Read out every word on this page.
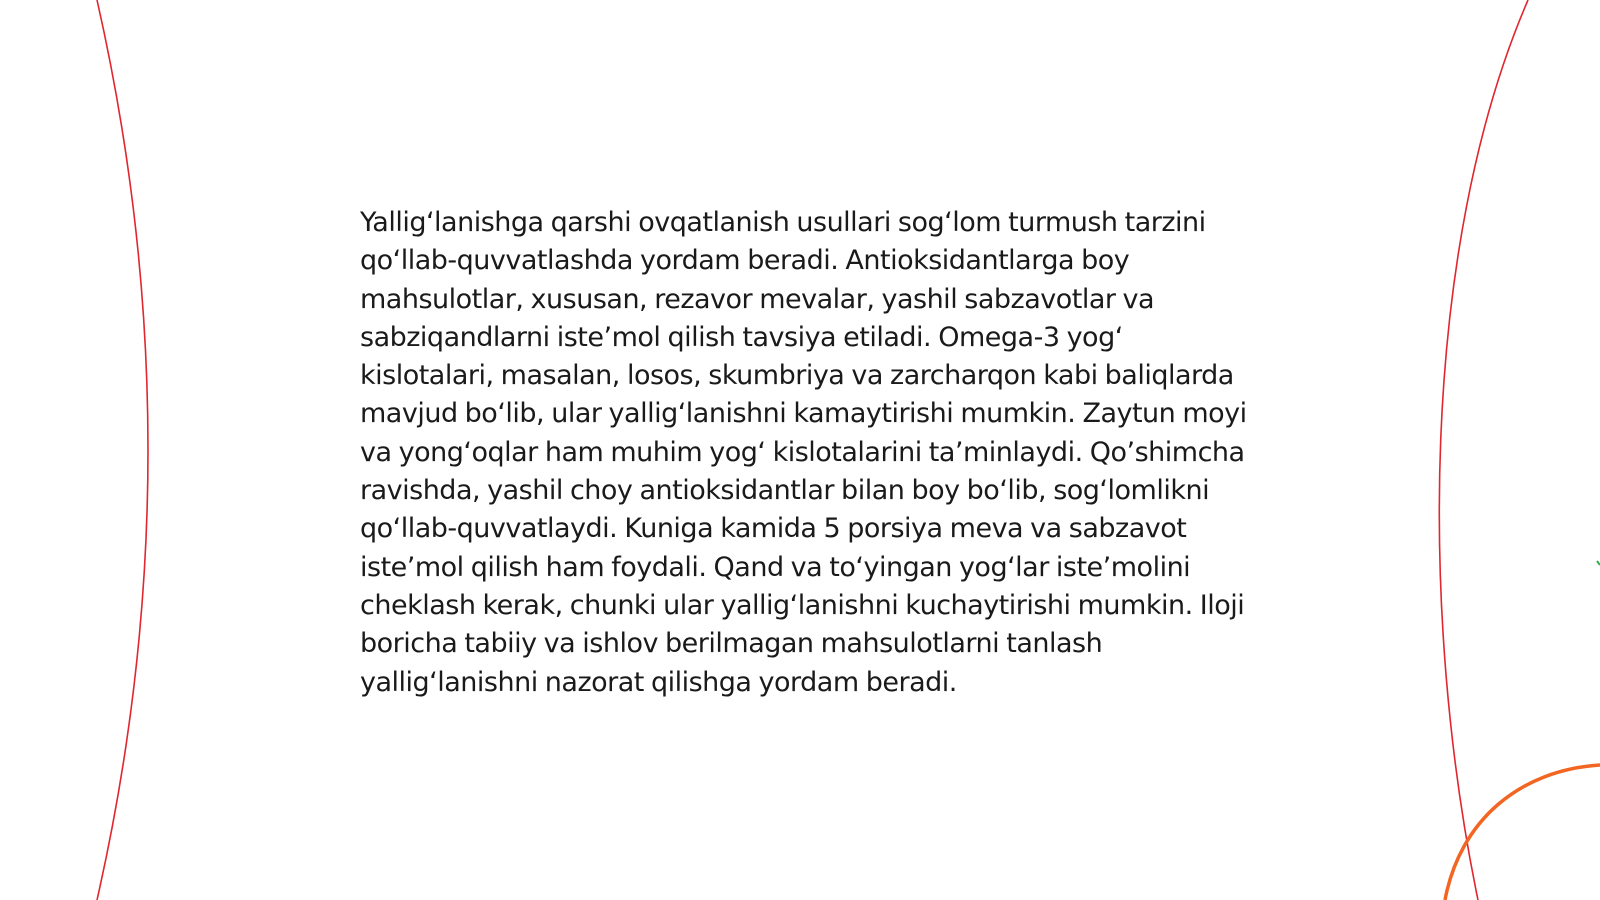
Yallig‘lanishga qarshi ovqatlanish usullari sog‘lom turmush tarzini qo‘llab-quvvatlashda yordam beradi. Antioksidantlarga boy mahsulotlar, xususan, rezavor mevalar, yashil sabzavotlar va sabziqandlarni iste’mol qilish tavsiya etiladi. Omega-3 yog‘ kislotalari, masalan, losos, skumbriya va zarcharqon kabi baliqlarda mavjud bo‘lib, ular yallig‘lanishni kamaytirishi mumkin. Zaytun moyi va yong‘oqlar ham muhim yog‘ kislotalarini ta’minlaydi. Qo’shimcha ravishda, yashil choy antioksidantlar bilan boy bo‘lib, sog‘lomlikni qo‘llab-quvvatlaydi. Kuniga kamida 5 porsiya meva va sabzavot iste’mol qilish ham foydali. Qand va to‘yingan yog‘lar iste’molini cheklash kerak, chunki ular yallig‘lanishni kuchaytirishi mumkin. Iloji boricha tabiiy va ishlov berilmagan mahsulotlarni tanlash yallig‘lanishni nazorat qilishga yordam beradi.
